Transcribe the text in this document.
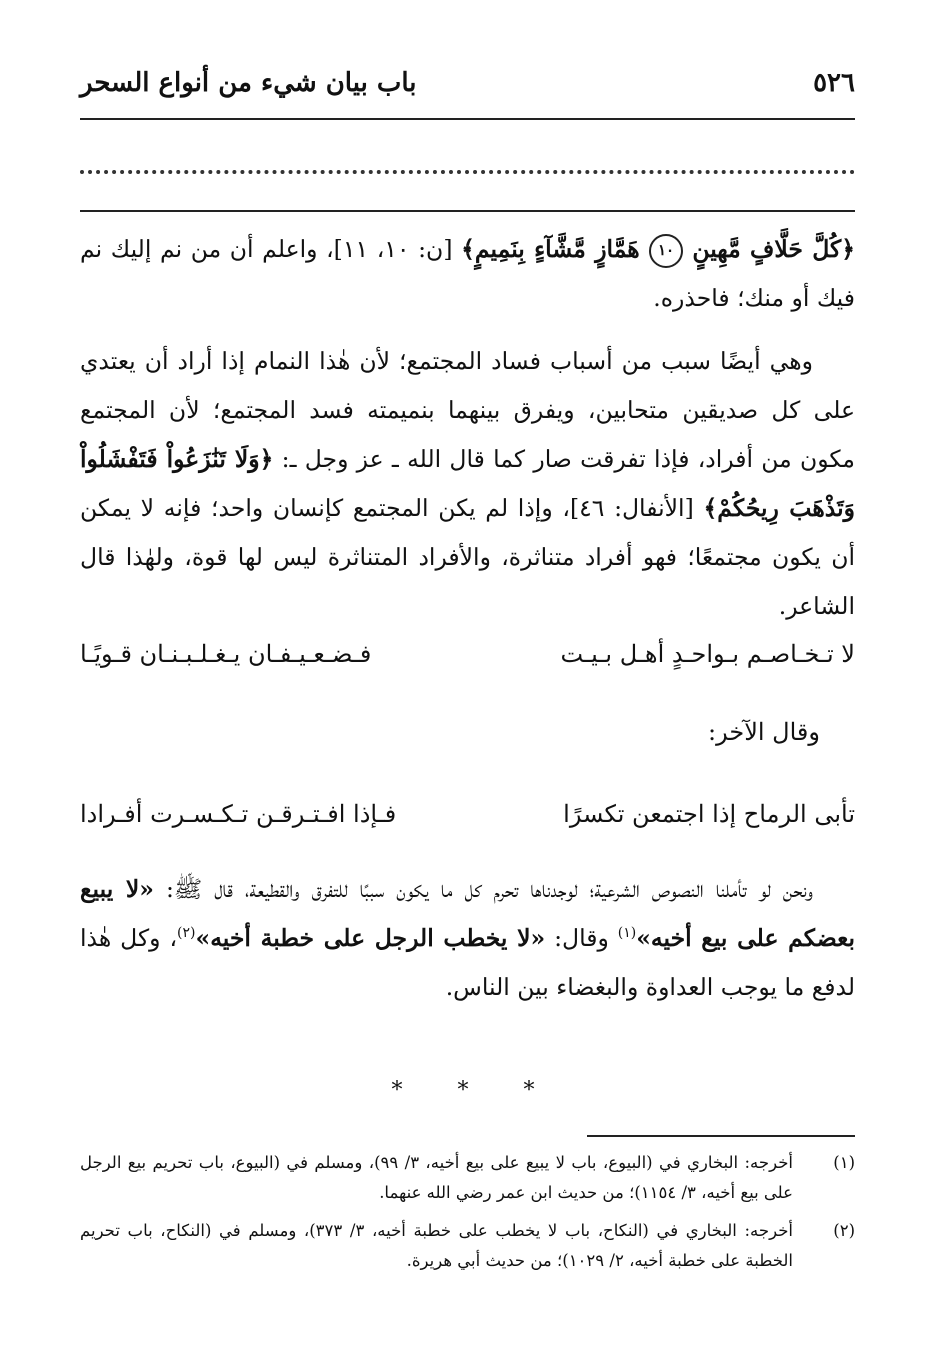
٥٢٦
باب بيان شيء من أنواع السحر

﴿كُلَّ حَلَّافٍ مَّهِينٍ ١٠ هَمَّازٍ مَّشَّآءٍ بِنَمِيمٍ﴾ [ن: ١٠، ١١]، واعلم أن من نم إليك نم فيك أو منك؛ فاحذره.

وهي أيضًا سبب من أسباب فساد المجتمع؛ لأن هٰذا النمام إذا أراد أن يعتدي على كل صديقين متحابين، ويفرق بينهما بنميمته فسد المجتمع؛ لأن المجتمع مكون من أفراد، فإذا تفرقت صار كما قال الله ـ عز وجل ـ: ﴿وَلَا تَنَٰزَعُواْ فَتَفْشَلُواْ وَتَذْهَبَ رِيحُكُمْ﴾ [الأنفال: ٤٦]، وإذا لم يكن المجتمع كإنسان واحد؛ فإنه لا يمكن أن يكون مجتمعًا؛ فهو أفراد متناثرة، والأفراد المتناثرة ليس لها قوة، ولهٰذا قال الشاعر.

لا تـخـاصـم بـواحـدٍ أهـل بـيـت
فـضـعـيـفـان يـغـلـبـنـان قـويًـا
وقال الآخر:
تأبى الرماح إذا اجتمعن تكسرًا
فـإذا افـتـرقـن تـكـسـرت أفـرادا

ونحن لو تأملنا النصوص الشرعية؛ لوجدناها تحرم كل ما يكون سببًا للتفرق والقطيعة، قال ﷺ: «لا يبيع بعضكم على بيع أخيه»$^{(١)}$ وقال: «لا يخطب الرجل على خطبة أخيه»$^{(٢)}$، وكل هٰذا لدفع ما يوجب العداوة والبغضاء بين الناس.

* * *

(١)
أخرجه: البخاري في (البيوع، باب لا يبيع على بيع أخيه، ٣/ ٩٩)، ومسلم في (البيوع، باب تحريم بيع الرجل على بيع أخيه، ٣/ ١١٥٤)؛ من حديث ابن عمر رضي الله عنهما.

(٢)
أخرجه: البخاري في (النكاح، باب لا يخطب على خطبة أخيه، ٣/ ٣٧٣)، ومسلم في (النكاح، باب تحريم الخطبة على خطبة أخيه، ٢/ ١٠٢٩)؛ من حديث أبي هريرة.
